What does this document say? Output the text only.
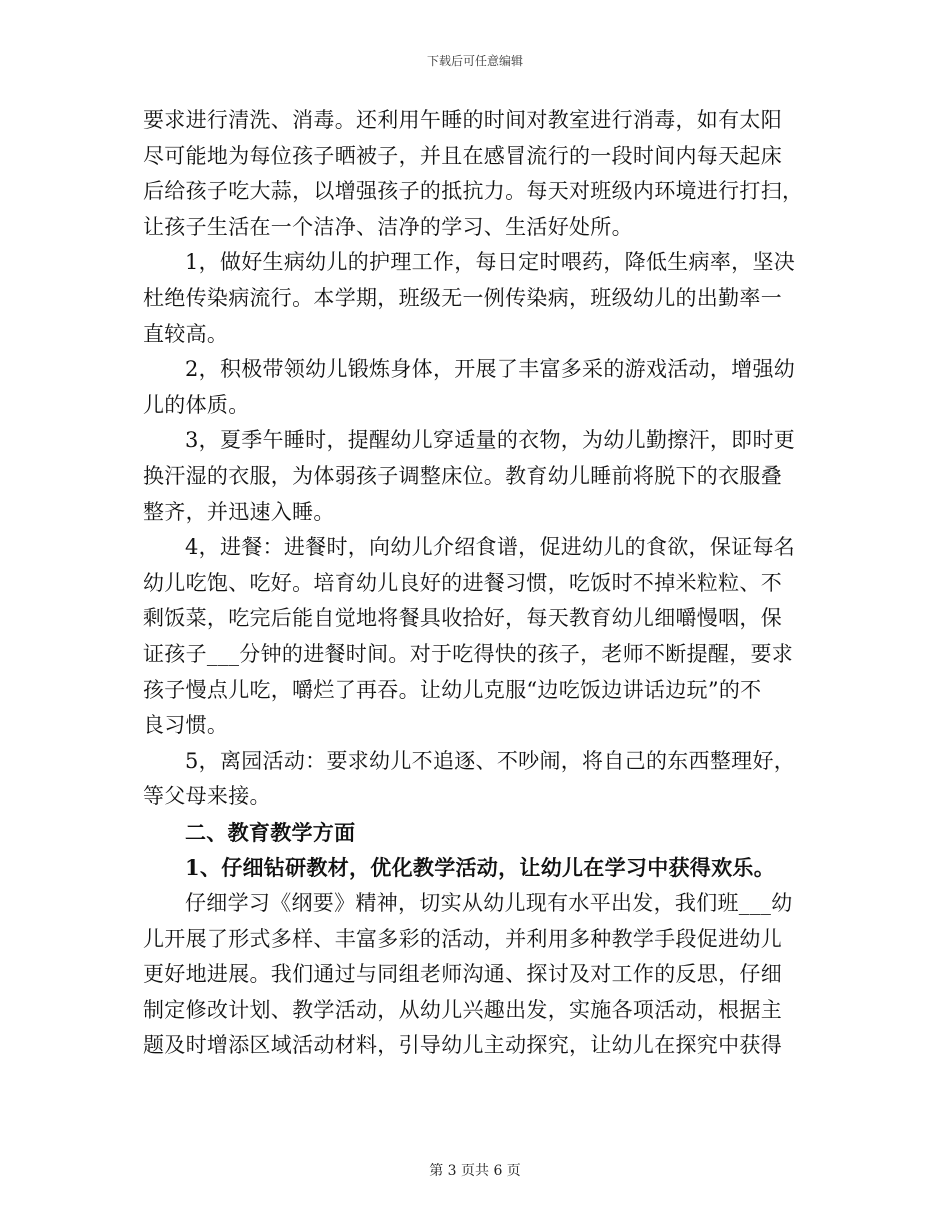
下载后可任意编辑
要求进行清洗、消毒。还利用午睡的时间对教室进行消毒，如有太阳
尽可能地为每位孩子晒被子，并且在感冒流行的一段时间内每天起床
后给孩子吃大蒜，以增强孩子的抵抗力。每天对班级内环境进行打扫，
让孩子生活在一个洁净、洁净的学习、生活好处所。
1，做好生病幼儿的护理工作，每日定时喂药，降低生病率，坚决
杜绝传染病流行。本学期，班级无一例传染病，班级幼儿的出勤率一
直较高。
2，积极带领幼儿锻炼身体，开展了丰富多采的游戏活动，增强幼
儿的体质。
3，夏季午睡时，提醒幼儿穿适量的衣物，为幼儿勤擦汗，即时更
换汗湿的衣服，为体弱孩子调整床位。教育幼儿睡前将脱下的衣服叠
整齐，并迅速入睡。
4，进餐：进餐时，向幼儿介绍食谱，促进幼儿的食欲，保证每名
幼儿吃饱、吃好。培育幼儿良好的进餐习惯，吃饭时不掉米粒粒、不
剩饭菜，吃完后能自觉地将餐具收拾好，每天教育幼儿细嚼慢咽，保
证孩子___分钟的进餐时间。对于吃得快的孩子，老师不断提醒，要求
孩子慢点儿吃，嚼烂了再吞。让幼儿克服“边吃饭边讲话边玩”的不
良习惯。
5，离园活动：要求幼儿不追逐、不吵闹，将自己的东西整理好，
等父母来接。
二、教育教学方面
1、仔细钻研教材，优化教学活动，让幼儿在学习中获得欢乐。
仔细学习《纲要》精神，切实从幼儿现有水平出发，我们班___幼
儿开展了形式多样、丰富多彩的活动，并利用多种教学手段促进幼儿
更好地进展。我们通过与同组老师沟通、探讨及对工作的反思，仔细
制定修改计划、教学活动，从幼儿兴趣出发，实施各项活动，根据主
题及时增添区域活动材料，引导幼儿主动探究，让幼儿在探究中获得
第 3 页共 6 页
